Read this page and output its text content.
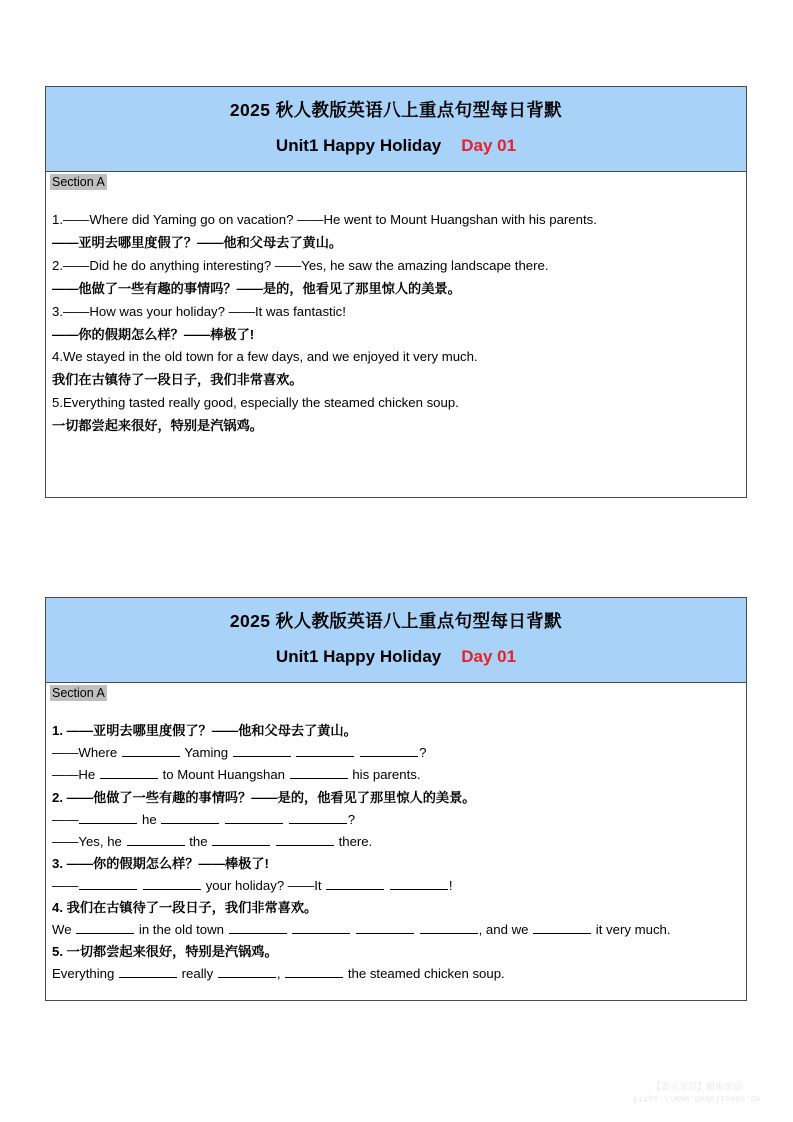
2025 秋人教版英语八上重点句型每日背默
Unit1 Happy Holiday Day 01
Section A
1.——Where did Yaming go on vacation? ——He went to Mount Huangshan with his parents.
——亚明去哪里度假了？——他和父母去了黄山。
2.——Did he do anything interesting? ——Yes, he saw the amazing landscape there.
——他做了一些有趣的事情吗？——是的，他看见了那里惊人的美景。
3.——How was your holiday? ——It was fantastic!
——你的假期怎么样？——棒极了!
4.We stayed in the old town for a few days, and we enjoyed it very much.
我们在古镇待了一段日子，我们非常喜欢。
5.Everything tasted really good, especially the steamed chicken soup.
一切都尝起来很好，特别是汽锅鸡。
2025 秋人教版英语八上重点句型每日背默
Unit1 Happy Holiday Day 01
Section A
1. ——亚明去哪里度假了？——他和父母去了黄山。
——Where	Yaming	?
——He	to Mount Huangshan	his parents.
2. ——他做了一些有趣的事情吗？——是的，他看见了那里惊人的美景。
——	he	?
——Yes, he	the	there.
3. ——你的假期怎么样？——棒极了!
——	your holiday? ——It	!
4. 我们在古镇待了一段日子，我们非常喜欢。
We	in the old town	, and we	it very much.
5. 一切都尝起来很好，特别是汽锅鸡。
Everything	really	,	the steamed chicken soup.
https://www.dadaliseus.cn
【果壳英语】精审英语
